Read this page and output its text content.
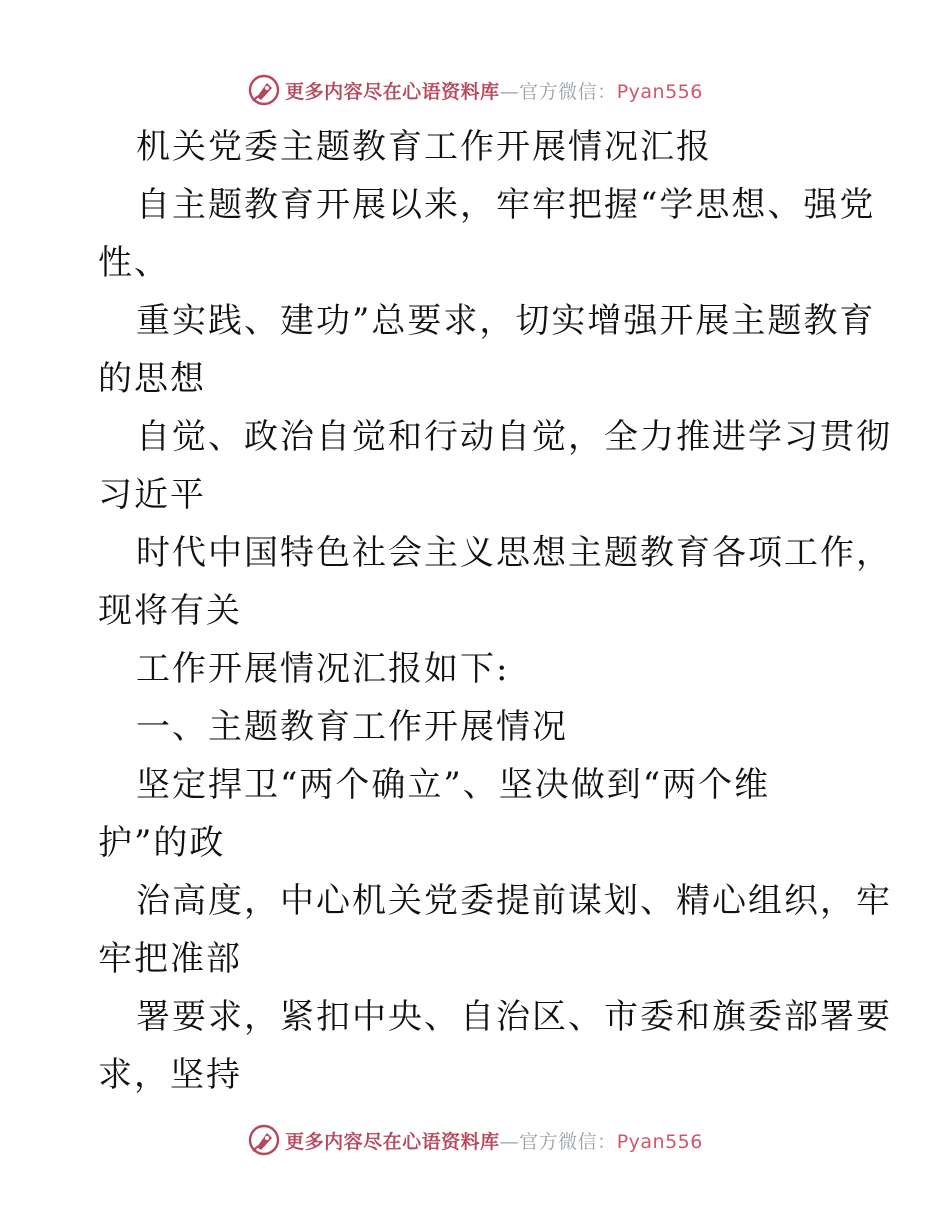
更多内容尽在心语资料库—官方微信：Pyan556
机关党委主题教育工作开展情况汇报
自主题教育开展以来，牢牢把握“学思想、强党
性、
重实践、建功”总要求，切实增强开展主题教育
的思想
自觉、政治自觉和行动自觉，全力推进学习贯彻
习近平
时代中国特色社会主义思想主题教育各项工作，
现将有关
工作开展情况汇报如下:
一、主题教育工作开展情况
坚定捍卫“两个确立”、坚决做到“两个维
护”的政
治高度，中心机关党委提前谋划、精心组织，牢
牢把准部
署要求，紧扣中央、自治区、市委和旗委部署要
求，坚持
更多内容尽在心语资料库—官方微信：Pyan556
